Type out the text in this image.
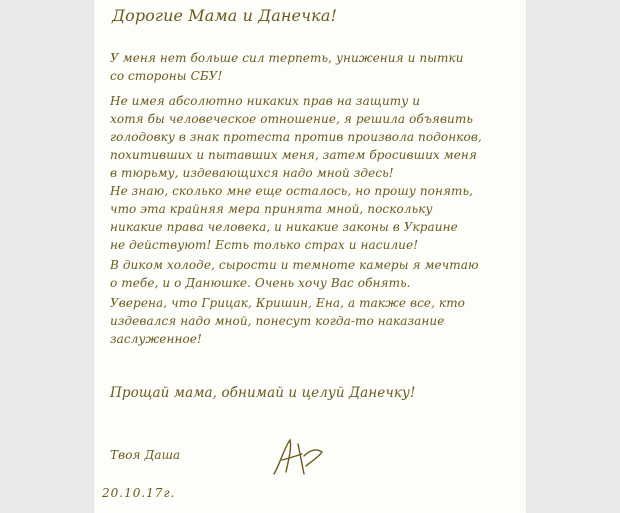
Дорогие Мама и Данечка!
У меня нет больше сил терпеть, унижения и пытки
со стороны СБУ!
Не имея абсолютно никаких прав на защиту и
хотя бы человеческое отношение, я решила объявить
голодовку в знак протеста против произвола подонков,
похитивших и пытавших меня, затем бросивших меня
в тюрьму, издевающихся надо мной здесь!
Не знаю, сколько мне еще осталось, но прошу понять,
что эта крайняя мера принята мной, поскольку
никакие права человека, и никакие законы в Украине
не действуют! Есть только страх и насилие!
В диком холоде, сырости и темноте камеры я мечтаю
о тебе, и о Данюшке. Очень хочу Вас обнять.
Уверена, что Грицак, Кришин, Ена, а также все, кто
издевался надо мной, понесут когда-то наказание
заслуженное!
Прощай мама, обнимай и целуй Данечку!
Твоя Даша
20.10.17г.
